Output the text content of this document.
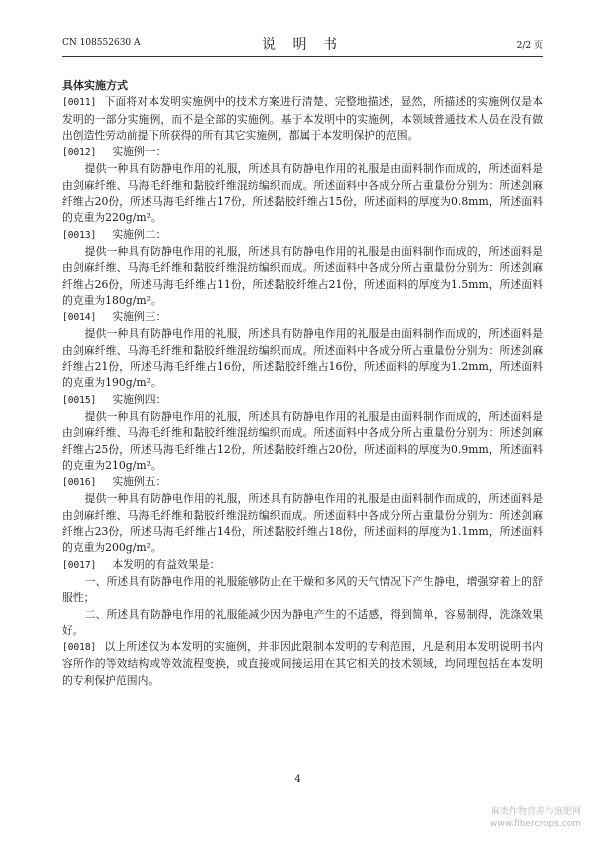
CN 108552630 A	说 明 书	2/2 页
具体实施方式

[0011] 下面将对本发明实施例中的技术方案进行清楚、完整地描述，显然，所描述的实施例仅是本发明的一部分实施例，而不是全部的实施例。基于本发明中的实施例，本领域普通技术人员在没有做出创造性劳动前提下所获得的所有其它实施例，都属于本发明保护的范围。

[0012] 实施例一：

提供一种具有防静电作用的礼服，所述具有防静电作用的礼服是由面料制作而成的，所述面料是由剑麻纤维、马海毛纤维和黏胶纤维混纺编织而成。所述面料中各成分所占重量份分别为：所述剑麻纤维占20份，所述马海毛纤维占17份，所述黏胶纤维占15份，所述面料的厚度为0.8mm，所述面料的克重为220g/m²。

[0013] 实施例二：

提供一种具有防静电作用的礼服，所述具有防静电作用的礼服是由面料制作而成的，所述面料是由剑麻纤维、马海毛纤维和黏胶纤维混纺编织而成。所述面料中各成分所占重量份分别为：所述剑麻纤维占26份，所述马海毛纤维占11份，所述黏胶纤维占21份，所述面料的厚度为1.5mm，所述面料的克重为180g/m²。

[0014] 实施例三：

提供一种具有防静电作用的礼服，所述具有防静电作用的礼服是由面料制作而成的，所述面料是由剑麻纤维、马海毛纤维和黏胶纤维混纺编织而成。所述面料中各成分所占重量份分别为：所述剑麻纤维占21份，所述马海毛纤维占16份，所述黏胶纤维占16份，所述面料的厚度为1.2mm，所述面料的克重为190g/m²。

[0015] 实施例四：

提供一种具有防静电作用的礼服，所述具有防静电作用的礼服是由面料制作而成的，所述面料是由剑麻纤维、马海毛纤维和黏胶纤维混纺编织而成。所述面料中各成分所占重量份分别为：所述剑麻纤维占25份，所述马海毛纤维占12份，所述黏胶纤维占20份，所述面料的厚度为0.9mm，所述面料的克重为210g/m²。

[0016] 实施例五：

提供一种具有防静电作用的礼服，所述具有防静电作用的礼服是由面料制作而成的，所述面料是由剑麻纤维、马海毛纤维和黏胶纤维混纺编织而成。所述面料中各成分所占重量份分别为：所述剑麻纤维占23份，所述马海毛纤维占14份，所述黏胶纤维占18份，所述面料的厚度为1.1mm，所述面料的克重为200g/m²。

[0017] 本发明的有益效果是：

一、所述具有防静电作用的礼服能够防止在干燥和多风的天气情况下产生静电，增强穿着上的舒服性；

二、所述具有防静电作用的礼服能减少因为静电产生的不适感，得到简单，容易制得，洗涤效果好。

[0018] 以上所述仅为本发明的实施例，并非因此限制本发明的专利范围，凡是利用本发明说明书内容所作的等效结构或等效流程变换，或直接或间接运用在其它相关的技术领域，均同理包括在本发明的专利保护范围内。

4
麻类作物营养与施肥网
www.fibercrops.com
